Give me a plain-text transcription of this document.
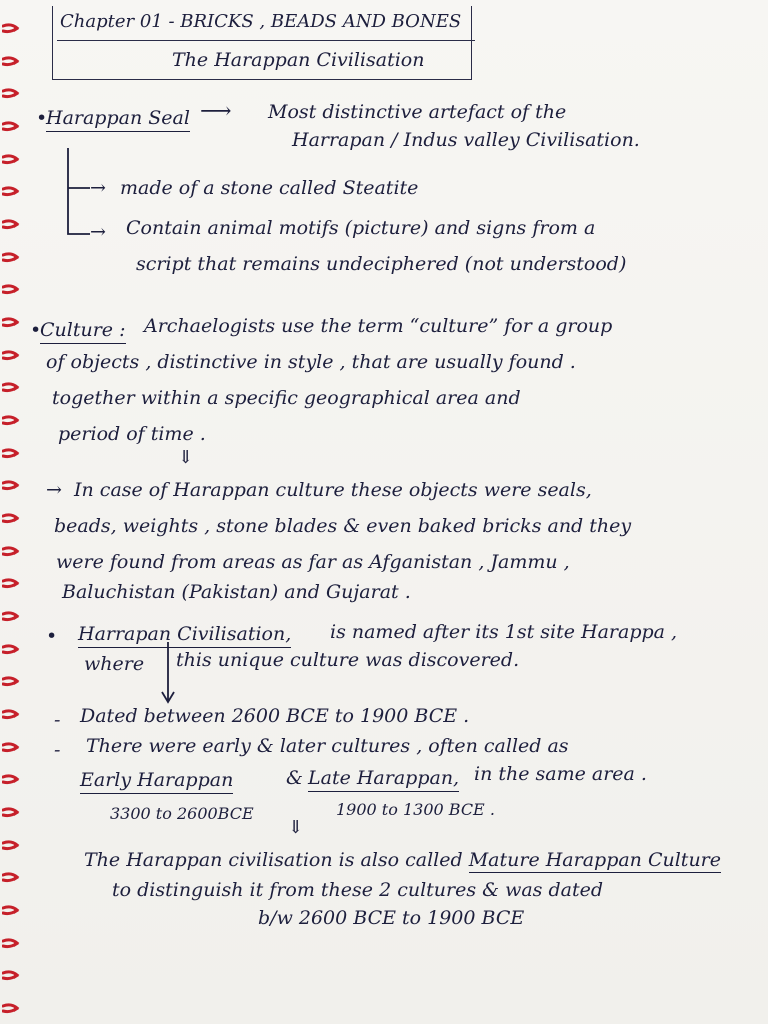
Chapter 01 - BRICKS , BEADS AND BONES

The Harappan Civilisation

•
Harappan Seal ⟶ Most distinctive artefact of the

Harrapan / Indus valley Civilisation.

→ made of a stone called Steatite

→ Contain animal motifs (picture) and signs from a

script that remains undeciphered (not understood)

•
Culture : Archaelogists use the term “culture” for a group

of objects , distinctive in style , that are usually found .

together within a specific geographical area and

period of time .

⇓

→ In case of Harappan culture these objects were seals,

beads, weights , stone blades & even baked bricks and they

were found from areas as far as Afganistan , Jammu ,

Baluchistan (Pakistan) and Gujarat .

• Harrapan Civilisation, is named after its 1st site Harappa ,

where this unique culture was discovered.

- Dated between 2600 BCE to 1900 BCE .

- There were early & later cultures , often called as

Early Harappan	& Late Harappan, in the same area .

3300 to 2600BCE	1900 to 1300 BCE .

⇓

The Harappan civilisation is also called Mature Harappan Culture

to distinguish it from these 2 cultures & was dated

b/w 2600 BCE to 1900 BCE
